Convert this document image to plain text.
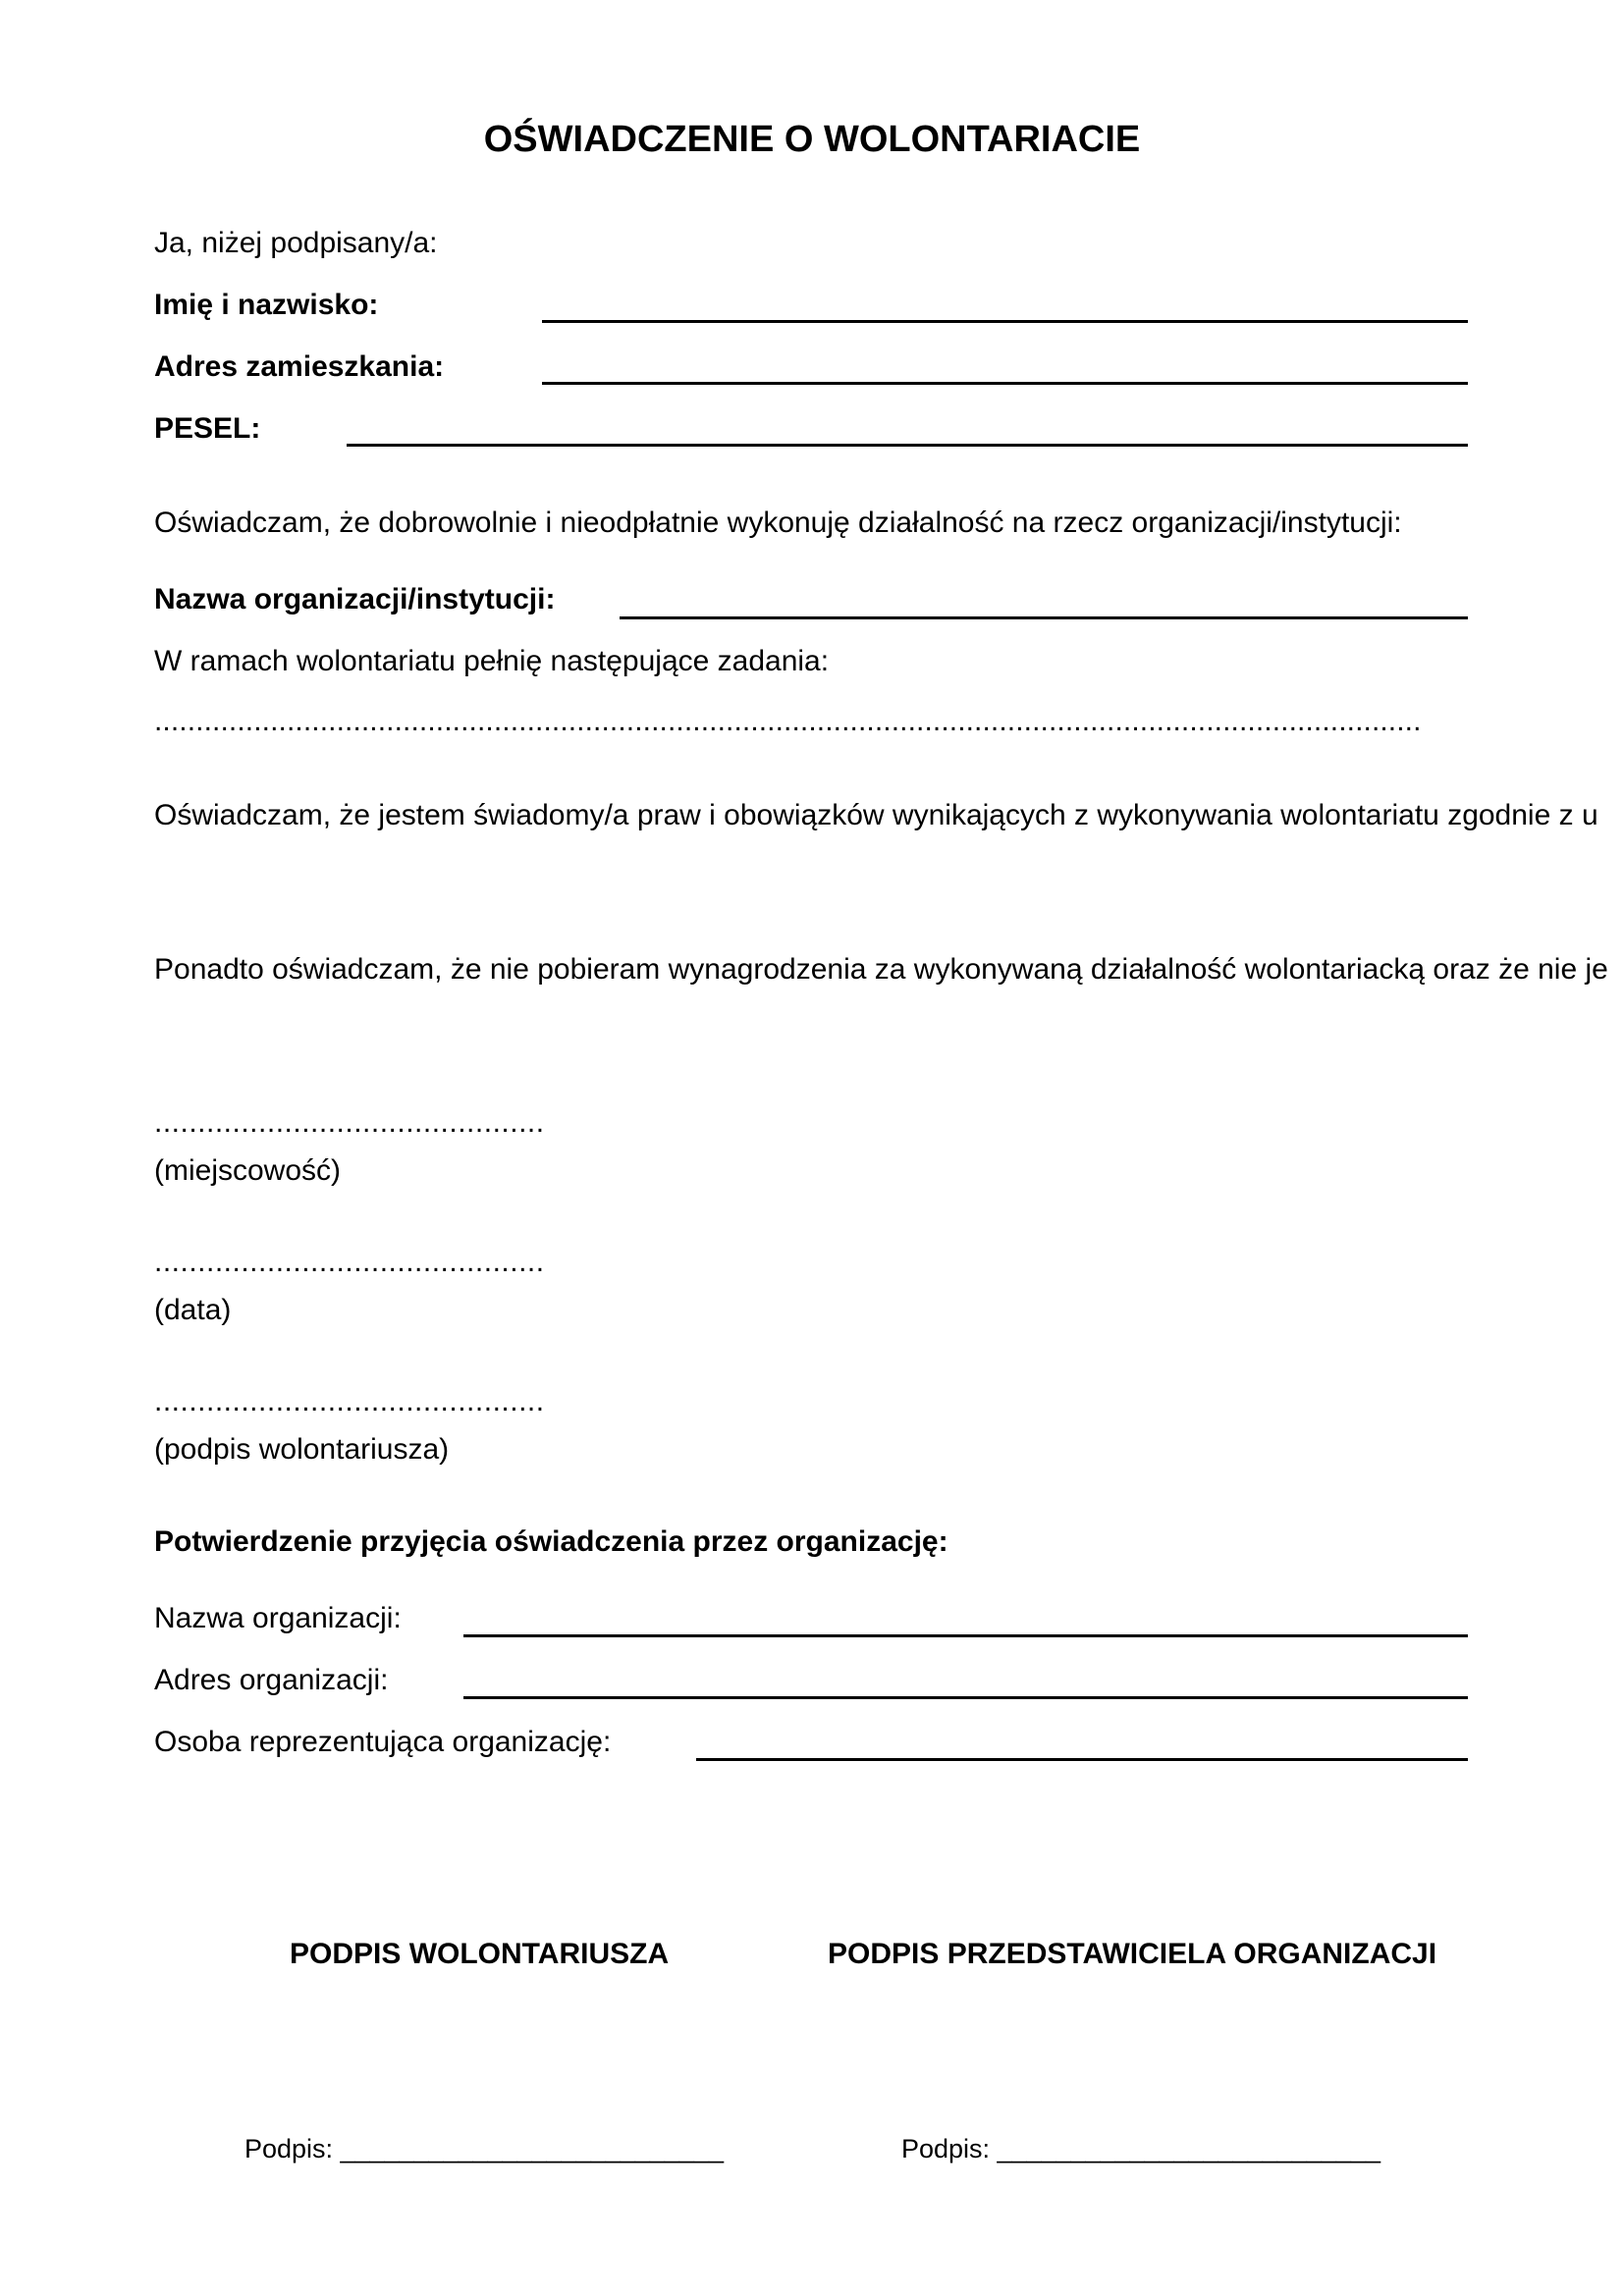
OŚWIADCZENIE O WOLONTARIACIE
Ja, niżej podpisany/a:
Imię i nazwisko:
Adres zamieszkania:
PESEL:
Oświadczam, że dobrowolnie i nieodpłatnie wykonuję działalność na rzecz organizacji/instytucji:
Nazwa organizacji/instytucji:
W ramach wolontariatu pełnię następujące zadania:
.........................................................................................................................................................
Oświadczam, że jestem świadomy/a praw i obowiązków wynikających z wykonywania wolontariatu zgodnie z u
Ponadto oświadczam, że nie pobieram wynagrodzenia za wykonywaną działalność wolontariacką oraz że nie je
.............................................
(miejscowość)
.............................................
(data)
.............................................
(podpis wolontariusza)
Potwierdzenie przyjęcia oświadczenia przez organizację:
Nazwa organizacji:
Adres organizacji:
Osoba reprezentująca organizację:
PODPIS WOLONTARIUSZA	PODPIS PRZEDSTAWICIELA ORGANIZACJI
Podpis: __________________________	Podpis: __________________________
